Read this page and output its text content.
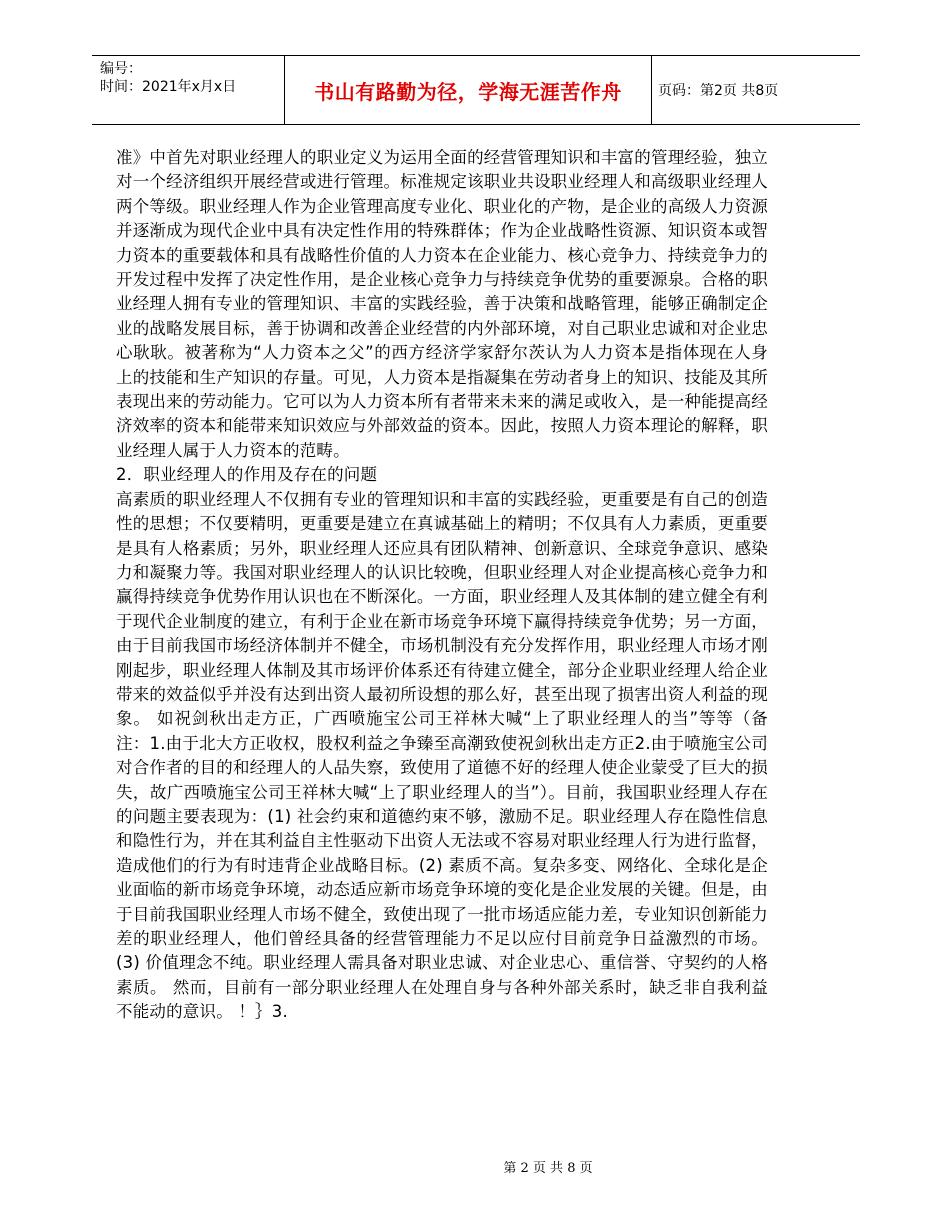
编号：
时间：2021年x月x日	书山有路勤为径，学海无涯苦作舟	页码：第2页 共8页

准》中首先对职业经理人的职业定义为运用全面的经营管理知识和丰富的管理经验，独立对一个经济组织开展经营或进行管理。标准规定该职业共设职业经理人和高级职业经理人两个等级。职业经理人作为企业管理高度专业化、职业化的产物，是企业的高级人力资源并逐渐成为现代企业中具有决定性作用的特殊群体；作为企业战略性资源、知识资本或智力资本的重要载体和具有战略性价值的人力资本在企业能力、核心竞争力、持续竞争力的开发过程中发挥了决定性作用，是企业核心竞争力与持续竞争优势的重要源泉。合格的职业经理人拥有专业的管理知识、丰富的实践经验，善于决策和战略管理，能够正确制定企业的战略发展目标，善于协调和改善企业经营的内外部环境，对自己职业忠诚和对企业忠心耿耿。被著称为“人力资本之父”的西方经济学家舒尔茨认为人力资本是指体现在人身上的技能和生产知识的存量。可见，人力资本是指凝集在劳动者身上的知识、技能及其所表现出来的劳动能力。它可以为人力资本所有者带来未来的满足或收入，是一种能提高经济效率的资本和能带来知识效应与外部效益的资本。因此，按照人力资本理论的解释，职业经理人属于人力资本的范畴。

2．职业经理人的作用及存在的问题

高素质的职业经理人不仅拥有专业的管理知识和丰富的实践经验，更重要是有自己的创造性的思想；不仅要精明，更重要是建立在真诚基础上的精明；不仅具有人力素质，更重要是具有人格素质；另外，职业经理人还应具有团队精神、创新意识、全球竞争意识、感染力和凝聚力等。我国对职业经理人的认识比较晚，但职业经理人对企业提高核心竞争力和赢得持续竞争优势作用认识也在不断深化。一方面，职业经理人及其体制的建立健全有利于现代企业制度的建立，有利于企业在新市场竞争环境下赢得持续竞争优势；另一方面，由于目前我国市场经济体制并不健全，市场机制没有充分发挥作用，职业经理人市场才刚刚起步，职业经理人体制及其市场评价体系还有待建立健全，部分企业职业经理人给企业带来的效益似乎并没有达到出资人最初所设想的那么好，甚至出现了损害出资人利益的现象。 如祝剑秋出走方正，广西喷施宝公司王祥林大喊“上了职业经理人的当”等等（备注：1.由于北大方正收权，股权利益之争臻至高潮致使祝剑秋出走方正2.由于喷施宝公司对合作者的目的和经理人的人品失察，致使用了道德不好的经理人使企业蒙受了巨大的损失，故广西喷施宝公司王祥林大喊“上了职业经理人的当”）。目前，我国职业经理人存在的问题主要表现为：(1) 社会约束和道德约束不够，激励不足。职业经理人存在隐性信息和隐性行为，并在其利益自主性驱动下出资人无法或不容易对职业经理人行为进行监督，造成他们的行为有时违背企业战略目标。(2) 素质不高。复杂多变、网络化、全球化是企业面临的新市场竞争环境，动态适应新市场竞争环境的变化是企业发展的关键。但是，由于目前我国职业经理人市场不健全，致使出现了一批市场适应能力差，专业知识创新能力差的职业经理人，他们曾经具备的经营管理能力不足以应付目前竞争日益激烈的市场。(3) 价值理念不纯。职业经理人需具备对职业忠诚、对企业忠心、重信誉、守契约的人格素质。 然而，目前有一部分职业经理人在处理自身与各种外部关系时，缺乏非自我利益不能动的意识。 ！｝3.

第 2 页 共 8 页
